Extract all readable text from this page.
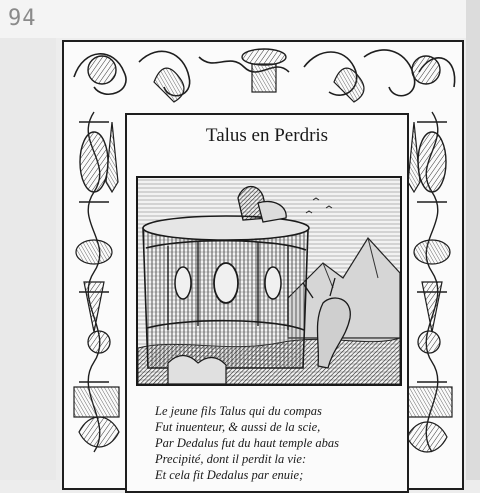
94
Talus en Perdris
Le jeune fils Talus qui du compas
Fut inuenteur, & aussi de la scie,
Par Dedalus fut du haut temple abas
Precipité, dont il perdit la vie:
Et cela fit Dedalus par enuie;
